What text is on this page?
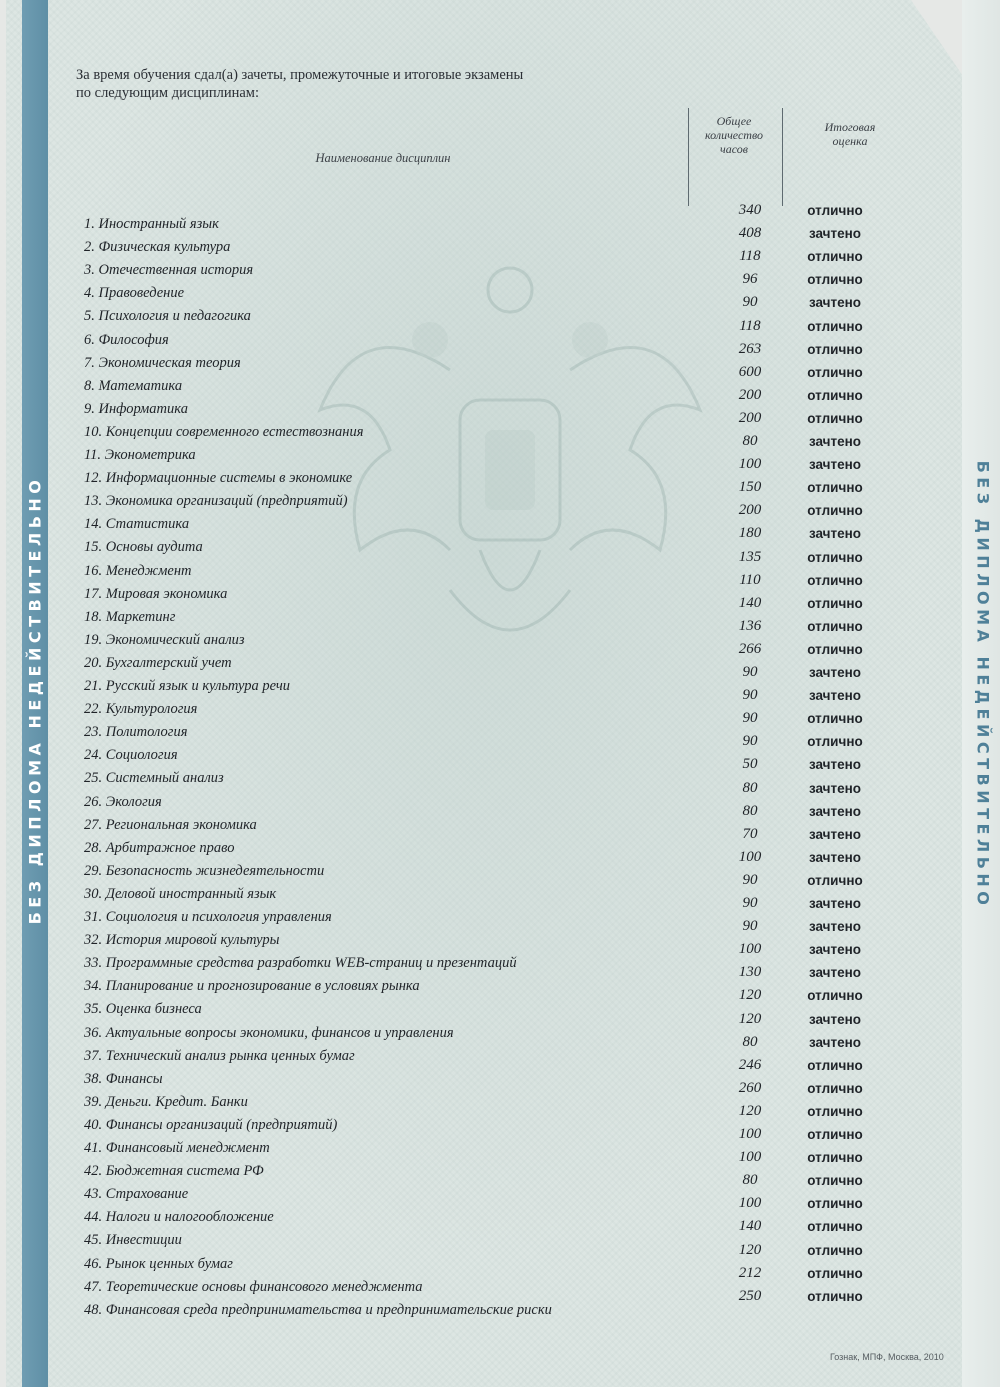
БЕЗ ДИПЛОМА НЕДЕЙСТВИТЕЛЬНО	БЕЗ ДИПЛОМА НЕДЕЙСТВИТЕЛЬНО
За время обучения сдал(а) зачеты, промежуточные и итоговые экзамены
по следующим дисциплинам:
Наименование дисциплин
Общее
количество
часов
Итоговая
оценка
1. Иностранный язык
340	отлично
2. Физическая культура
408	зачтено
3. Отечественная история
118	отлично
4. Правоведение
96	отлично
5. Психология и педагогика
90	зачтено
6. Философия
118	отлично
7. Экономическая теория
263	отлично
8. Математика
600	отлично
9. Информатика
200	отлично
10. Концепции современного естествознания
200	отлично
11. Эконометрика
80	зачтено
12. Информационные системы в экономике
100	зачтено
13. Экономика организаций (предприятий)
150	отлично
14. Статистика
200	отлично
15. Основы аудита
180	зачтено
16. Менеджмент
135	отлично
17. Мировая экономика
110	отлично
18. Маркетинг
140	отлично
19. Экономический анализ
136	отлично
20. Бухгалтерский учет
266	отлично
21. Русский язык и культура речи
90	зачтено
22. Культурология
90	зачтено
23. Политология
90	отлично
24. Социология
90	отлично
25. Системный анализ
50	зачтено
26. Экология
80	зачтено
27. Региональная экономика
80	зачтено
28. Арбитражное право
70	зачтено
29. Безопасность жизнедеятельности
100	зачтено
30. Деловой иностранный язык
90	отлично
31. Социология и психология управления
90	зачтено
32. История мировой культуры
90	зачтено
33. Программные средства разработки WEB-страниц и презентаций
100	зачтено
34. Планирование и прогнозирование в условиях рынка
130	зачтено
35. Оценка бизнеса
120	отлично
36. Актуальные вопросы экономики, финансов и управления
120	зачтено
37. Технический анализ рынка ценных бумаг
80	зачтено
38. Финансы
246	отлично
39. Деньги. Кредит. Банки
260	отлично
40. Финансы организаций (предприятий)
120	отлично
41. Финансовый менеджмент
100	отлично
42. Бюджетная система РФ
100	отлично
43. Страхование
80	отлично
44. Налоги и налогообложение
100	отлично
45. Инвестиции
140	отлично
46. Рынок ценных бумаг
120	отлично
47. Теоретические основы финансового менеджмента
212	отлично
48. Финансовая среда предпринимательства и предпринимательские риски
250	отлично
Гознак, МПФ, Москва, 2010
